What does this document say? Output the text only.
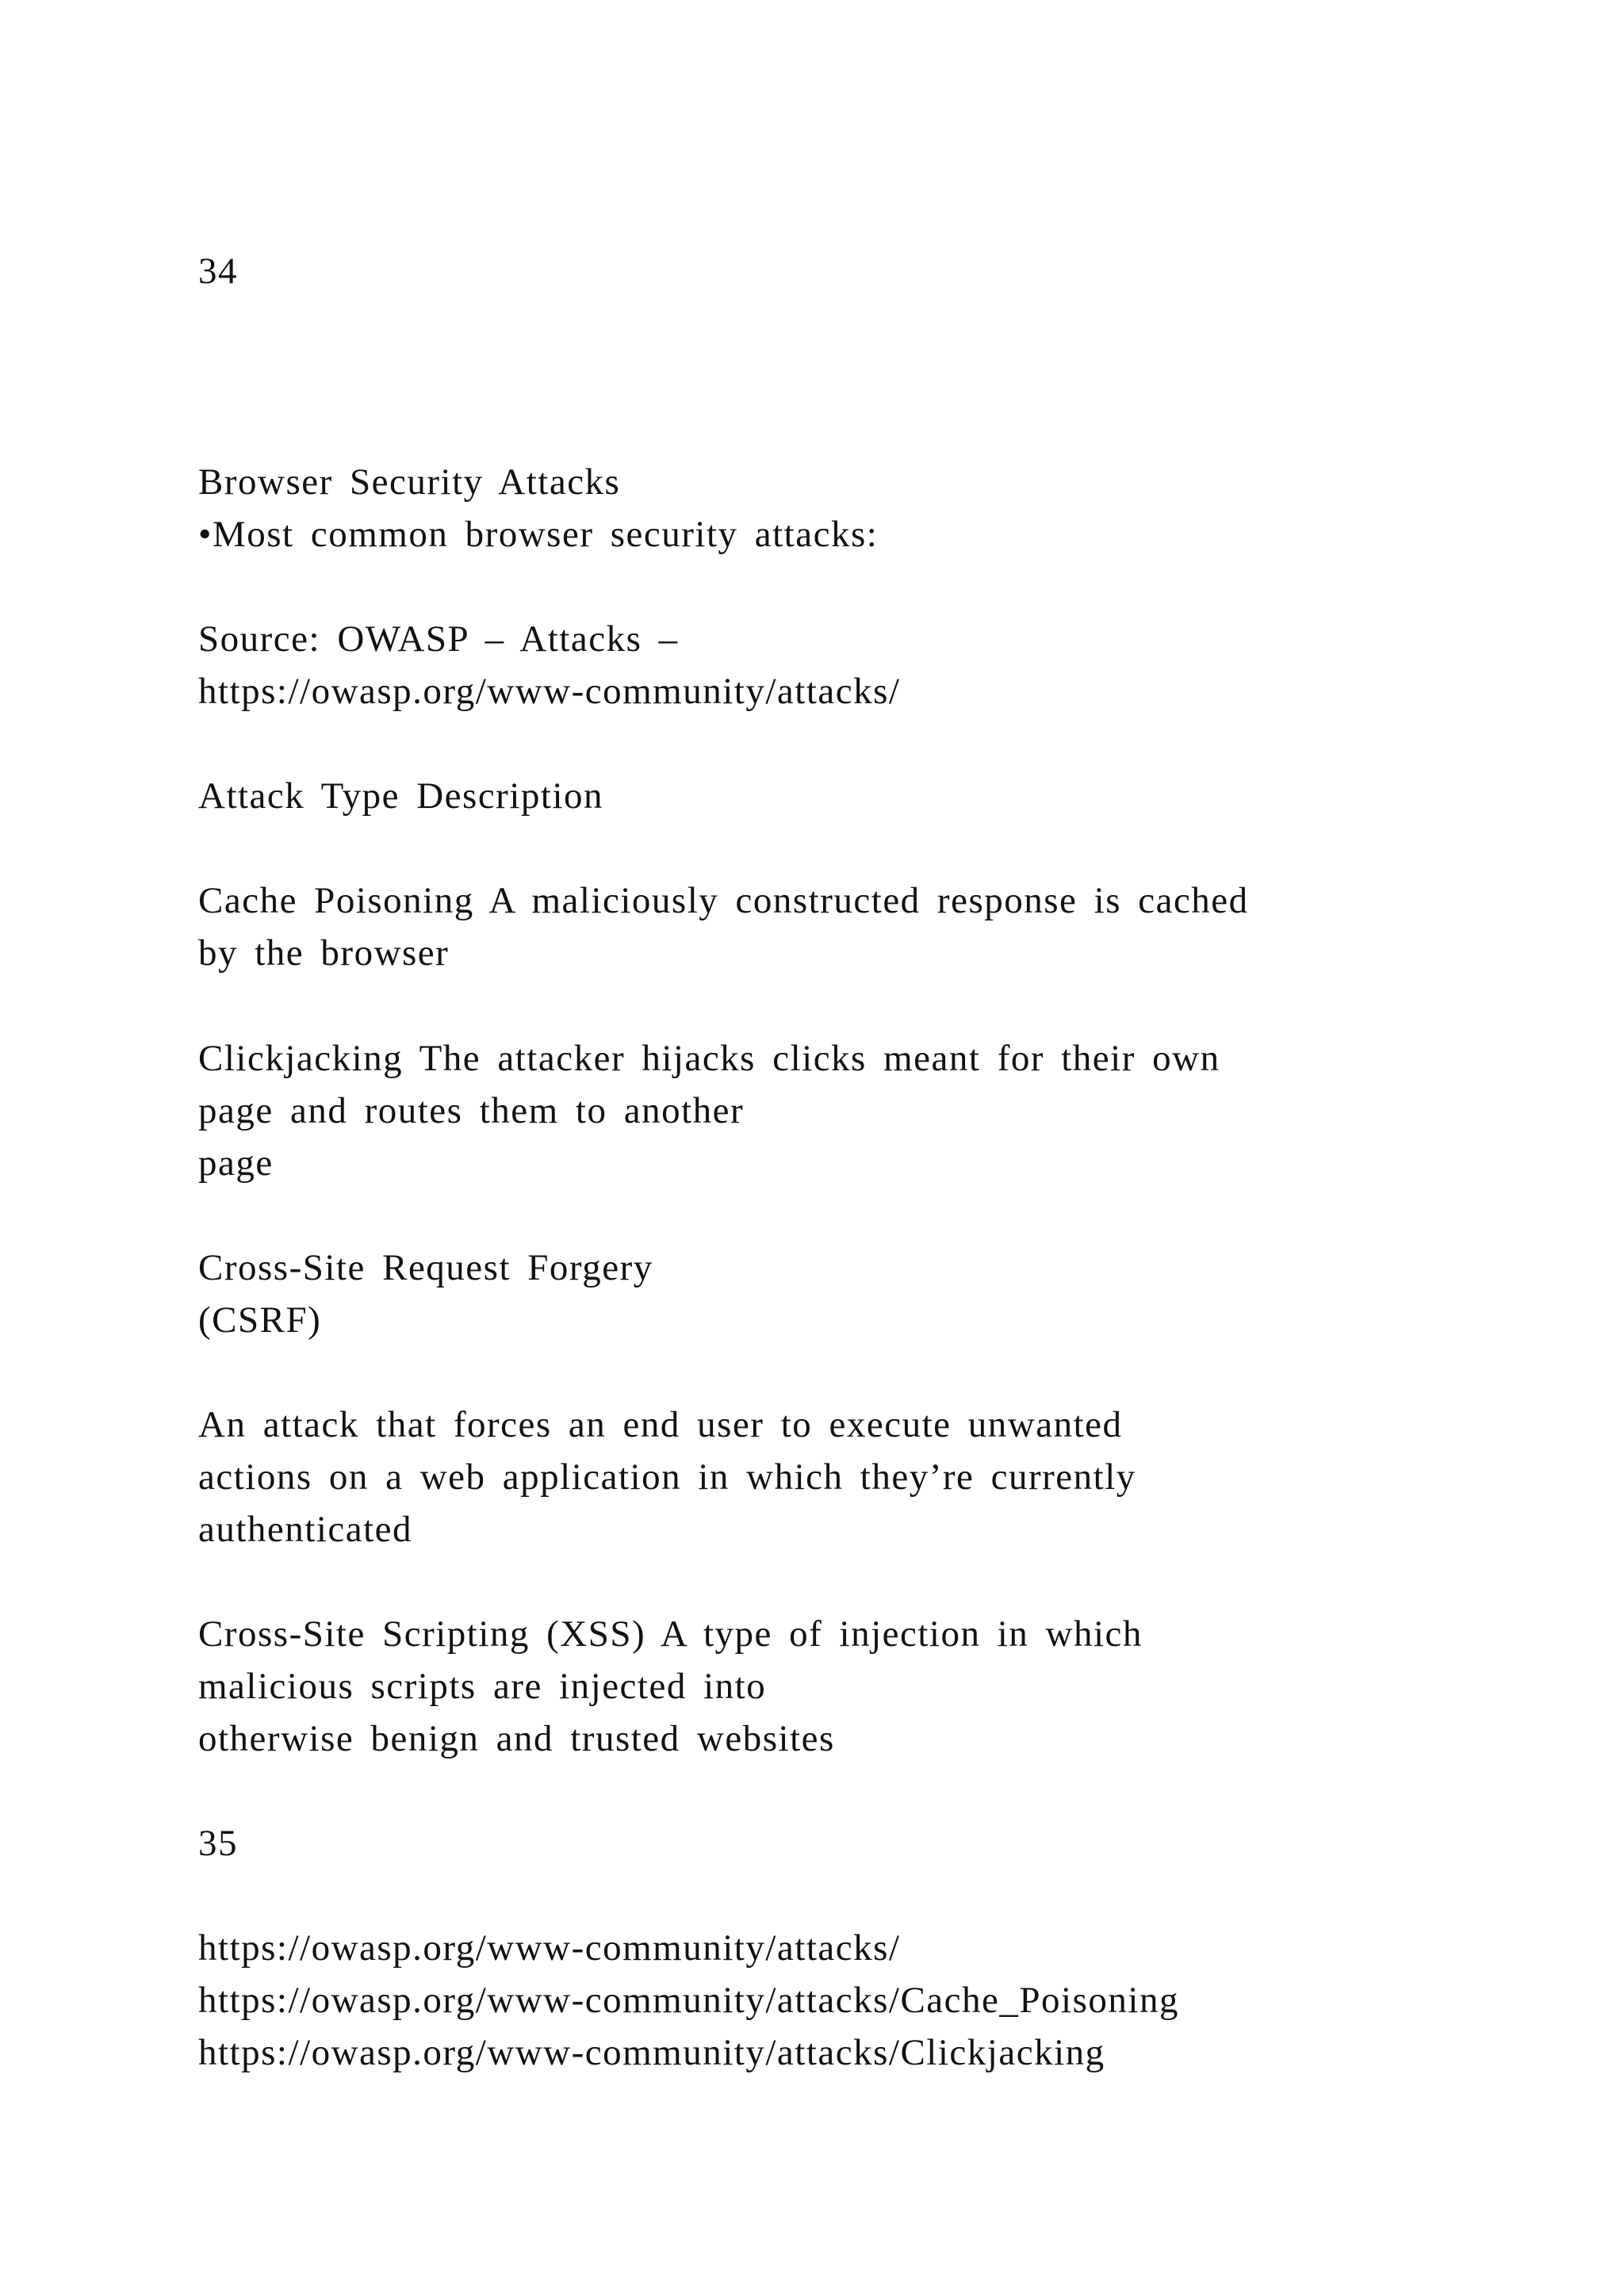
34
Browser Security Attacks
•Most common browser security attacks:
Source: OWASP – Attacks –
https://owasp.org/www-community/attacks/
Attack Type Description
Cache Poisoning A maliciously constructed response is cached
by the browser
Clickjacking The attacker hijacks clicks meant for their own
page and routes them to another
page
Cross-Site Request Forgery
(CSRF)
An attack that forces an end user to execute unwanted
actions on a web application in which they’re currently
authenticated
Cross-Site Scripting (XSS) A type of injection in which
malicious scripts are injected into
otherwise benign and trusted websites
35
https://owasp.org/www-community/attacks/
https://owasp.org/www-community/attacks/Cache_Poisoning
https://owasp.org/www-community/attacks/Clickjacking
